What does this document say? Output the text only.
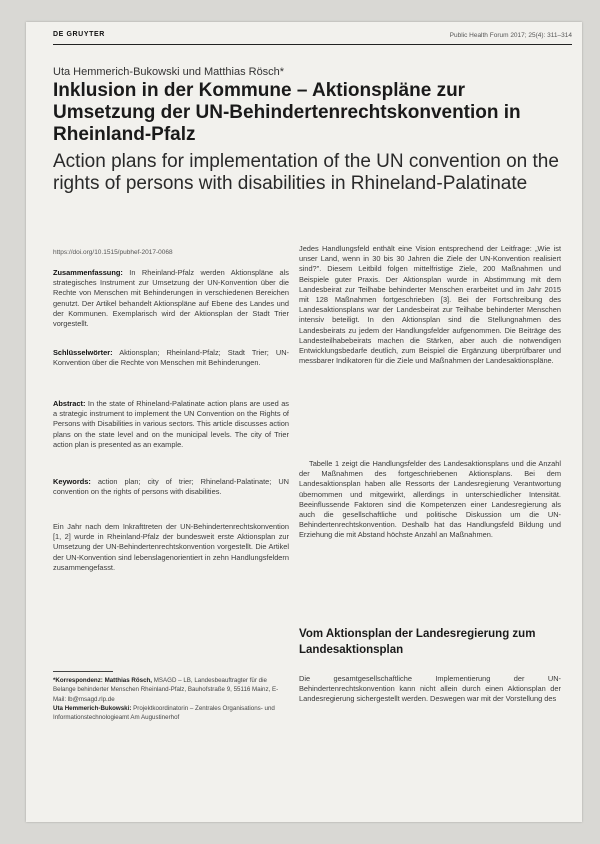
DE GRUYTER	Public Health Forum 2017; 25(4): 311–314
Uta Hemmerich-Bukowski und Matthias Rösch*
Inklusion in der Kommune – Aktionspläne zur Umsetzung der UN-Behindertenrechtskonvention in Rheinland-Pfalz
Action plans for implementation of the UN convention on the rights of persons with disabilities in Rhineland-Palatinate
https://doi.org/10.1515/pubhef-2017-0068

Zusammenfassung: In Rheinland-Pfalz werden Aktionspläne als strategisches Instrument zur Umsetzung der UN-Konvention über die Rechte von Menschen mit Behinderungen in verschiedenen Bereichen genutzt. Der Artikel behandelt Aktionspläne auf Ebene des Landes und der Kommunen. Exemplarisch wird der Aktionsplan der Stadt Trier vorgestellt.

Schlüsselwörter: Aktionsplan; Rheinland-Pfalz; Stadt Trier; UN-Konvention über die Rechte von Menschen mit Behinderungen.

Abstract: In the state of Rhineland-Palatinate action plans are used as a strategic instrument to implement the UN Convention on the Rights of Persons with Disabilities in various sectors. This article discusses action plans on the state level and on the municipal levels. The city of Trier action plan is presented as an example.

Keywords: action plan; city of trier; Rhineland-Palatinate; UN convention on the rights of persons with disabilities.

Ein Jahr nach dem Inkrafttreten der UN-Behindertenrechtskonvention [1, 2] wurde in Rheinland-Pfalz der bundesweit erste Aktionsplan zur Umsetzung der UN-Behindertenrechtskonvention vorgestellt. Die Artikel der UN-Konvention sind lebenslagenorientiert in zehn Handlungsfeldern zusammengefasst.

*Korrespondenz: Matthias Rösch, MSAGD – LB, Landesbeauftragter für die Belange behinderter Menschen Rheinland-Pfalz, Bauhofstraße 9, 55116 Mainz, E-Mail: lb@msagd.rlp.de

Uta Hemmerich-Bukowski: Projektkoordinatorin – Zentrales Organisations- und Informationstechnologieamt Am Augustinerhof

Jedes Handlungsfeld enthält eine Vision entsprechend der Leitfrage: „Wie ist unser Land, wenn in 30 bis 30 Jahren die Ziele der UN-Konvention realisiert sind?". Diesem Leitbild folgen mittelfristige Ziele, 200 Maßnahmen und Beispiele guter Praxis. Der Aktionsplan wurde in Abstimmung mit dem Landesbeirat zur Teilhabe behinderter Menschen erarbeitet und im Jahr 2015 mit 128 Maßnahmen fortgeschrieben [3]. Bei der Fortschreibung des Landesaktionsplans war der Landesbeirat zur Teilhabe behinderter Menschen intensiv beteiligt. In den Aktionsplan sind die Stellungnahmen des Landesbeirats zu jedem der Handlungsfelder aufgenommen. Die Beiträge des Landesteilhabebeirats machen die Stärken, aber auch die notwendigen Entwicklungsbedarfe deutlich, zum Beispiel die Ergänzung überprüfbarer und messbarer Indikatoren für die Ziele und Maßnahmen der Landesaktionspläne.

Tabelle 1 zeigt die Handlungsfelder des Landesaktionsplans und die Anzahl der Maßnahmen des fortgeschriebenen Aktionsplans. Bei dem Landesaktionsplan haben alle Ressorts der Landesregierung Verantwortung übernommen und mitgewirkt, allerdings in unterschiedlicher Intensität. Beeinflussende Faktoren sind die Kompetenzen einer Landesregierung als auch die gesellschaftliche und politische Diskussion um die UN-Behindertenrechtskonvention. Deshalb hat das Handlungsfeld Bildung und Erziehung die mit Abstand höchste Anzahl an Maßnahmen.

Vom Aktionsplan der Landesregierung zum Landesaktionsplan

Die gesamtgesellschaftliche Implementierung der UN-Behindertenrechtskonvention kann nicht allein durch einen Aktionsplan der Landesregierung sichergestellt werden. Deswegen war mit der Vorstellung des
